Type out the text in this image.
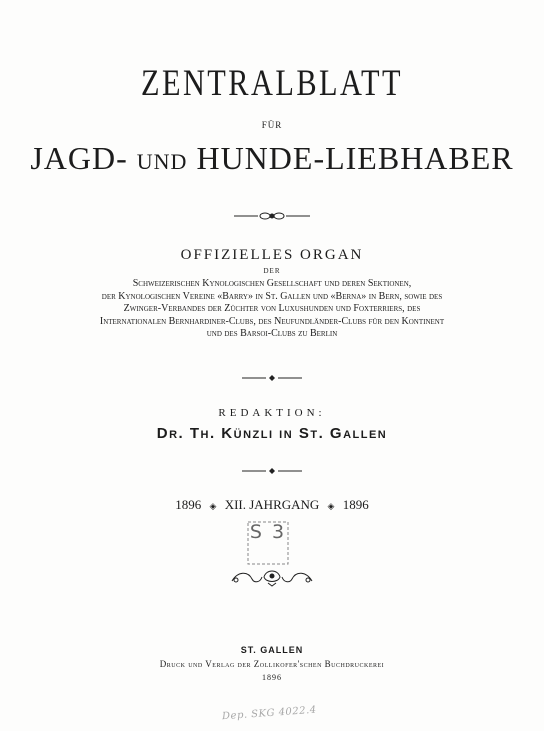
ZENTRALBLATT
FÜR
JAGD- UND HUNDE-LIEBHABER
OFFIZIELLES ORGAN
DER
Schweizerischen Kynologischen Gesellschaft und deren Sektionen,
der Kynologischen Vereine «Barry» in St. Gallen und «Berna» in Bern, sowie des
Zwinger-Verbandes der Züchter von Luxushunden und Foxterriers, des
Internationalen Bernhardiner-Clubs, des Neufundländer-Clubs für den Kontinent
und des Barsoi-Clubs zu Berlin
REDAKTION:
Dr. Th. Künzli in St. Gallen
1896 ◈ XII. JAHRGANG ◈ 1896
S 3
ST. GALLEN
Druck und Verlag der Zollikofer'schen Buchdruckerei
1896
Dep. SKG 4022.4
